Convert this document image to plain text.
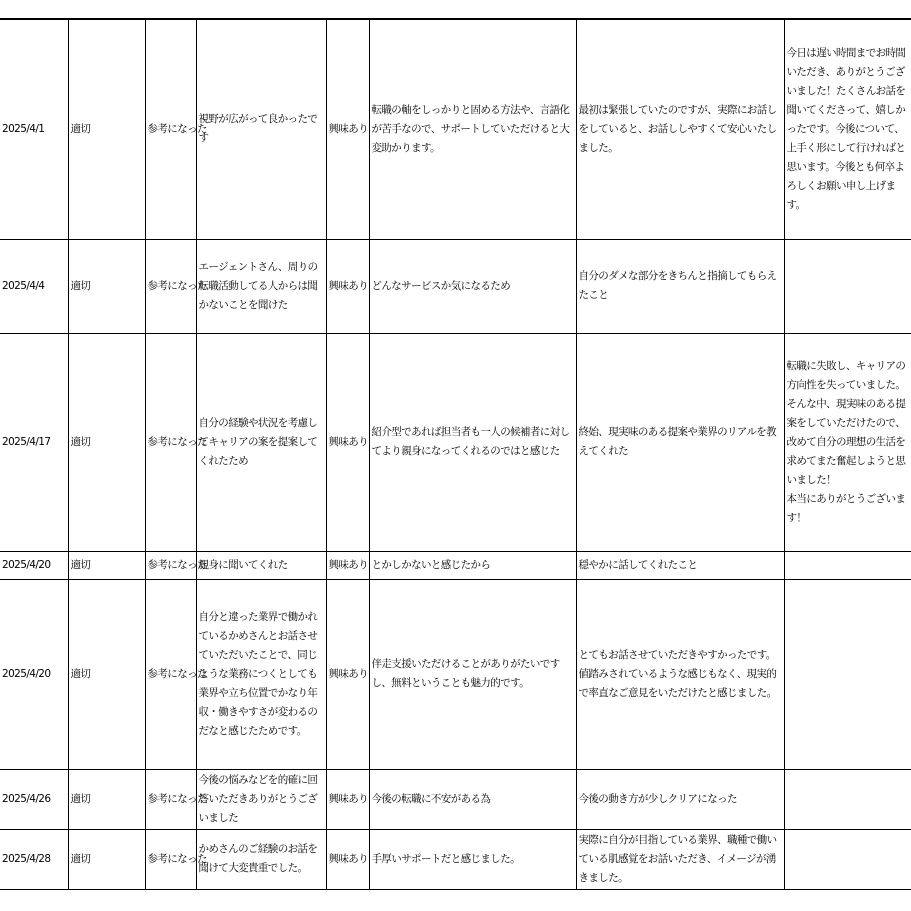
2025/4/1	適切	参考になった	視野が広がって良かったです	興味あり	転職の軸をしっかりと固める方法や、言語化が苦手なので、サポートしていただけると大変助かります。	最初は緊張していたのですが、実際にお話しをしていると、お話ししやすくて安心いたしました。	今日は遅い時間までお時間いただき、ありがとうございました！たくさんお話を聞いてくださって、嬉しかったです。今後について、上手く形にして行ければと思います。今後とも何卒よろしくお願い申し上げます。
2025/4/4	適切	参考になった	エージェントさん、周りの転職活動してる人からは聞かないことを聞けた	興味あり	どんなサービスか気になるため	自分のダメな部分をきちんと指摘してもらえたこと	
2025/4/17	適切	参考になった	自分の経験や状況を考慮してキャリアの案を提案してくれたため	興味あり	紹介型であれば担当者も一人の候補者に対してより親身になってくれるのではと感じた	終始、現実味のある提案や業界のリアルを教えてくれた	転職に失敗し、キャリアの方向性を失っていました。
そんな中、現実味のある提案をしていただけたので、改めて自分の理想の生活を求めてまた奮起しようと思いました！
本当にありがとうございます！
2025/4/20	適切	参考になった	親身に聞いてくれた	興味あり	とかしかないと感じたから	穏やかに話してくれたこと	
2025/4/20	適切	参考になった	自分と違った業界で働かれているかめさんとお話させていただいたことで、同じような業務につくとしても業界や立ち位置でかなり年収・働きやすさが変わるのだなと感じたためです。	興味あり	伴走支援いただけることがありがたいですし、無料ということも魅力的です。	とてもお話させていただきやすかったです。
値踏みされているような感じもなく、現実的で率直なご意見をいただけたと感じました。	
2025/4/26	適切	参考になった	今後の悩みなどを的確に回答いただきありがとうございました	興味あり	今後の転職に不安がある為	今後の動き方が少しクリアになった	
2025/4/28	適切	参考になった	かめさんのご経験のお話を聞けて大変貴重でした。	興味あり	手厚いサポートだと感じました。	実際に自分が目指している業界、職種で働いている肌感覚をお話いただき、イメージが湧きました。	
